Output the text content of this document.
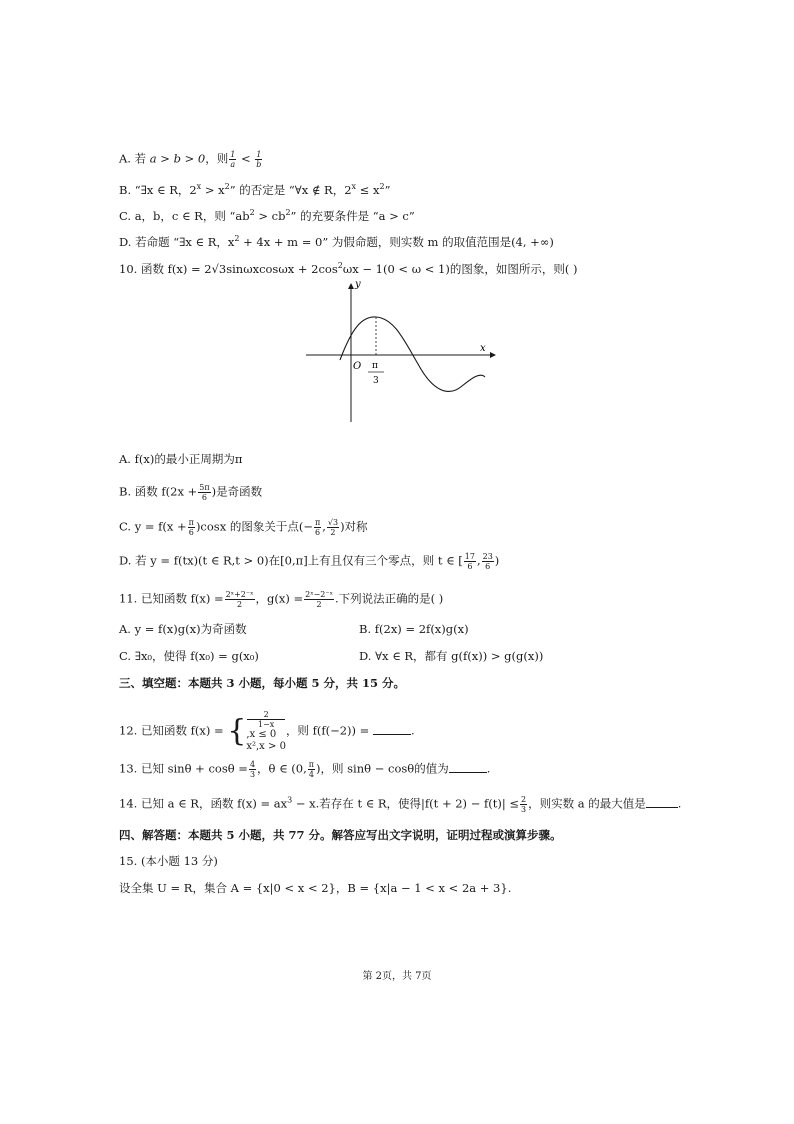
A. 若 a > b > 0，则 $\frac{1}{a} < \frac{1}{b}$
B. “∃x ∈ R，$2^x > x^2$” 的否定是 “∀x ∉ R，$2^x \le x^2$”
C. a，b，c ∈ R，则 “$ab^2 > cb^2$” 的充要条件是 “a > c”
D. 若命题 “∃x ∈ R，$x^2 + 4x + m = 0$” 为假命题，则实数 m 的取值范围是(4, +∞)
10. 函数 $f(x) = 2√3\sin\omega xcos\omega x + 2\cos^2\omega x - 1(0 < \omega < 1)$的图象，如图所示，则( )
y
x
O π
3
A. f(x)的最小正周期为π
B. 函数 $f(2x + \frac{5\pi}{6}$ )是奇函数
C. $y = f(x + \frac{\pi}{6} )\cos x$ 的图象关于点(− $\frac{\pi}{6}$ , $\frac{√3}{2}$ )对称
D. 若 y = f(tx)(t ∈ R,t > 0)在[0,π]上有且仅有三个零点，则 t ∈ [ $\frac{17}{6}$ , $\frac{23}{6}$ )
11. 已知函数 $f(x) = \frac{\text{2ˣ+2⁻ˣ}}{2}$ ，$g(x) = \frac{\text{2ˣ−2⁻ˣ}}{2}$ .下列说法正确的是( )
A. y = f(x)g(x)为奇函数	B. f(2x) = 2f(x)g(x)
C. ∃x₀，使得 f(x₀) = g(x₀)	D. ∀x ∈ R，都有 g(f(x)) > g(g(x))
三、填空题：本题共 3 小题，每小题 5 分，共 15 分。
12. 已知函数 f(x) = {	2
1−x
,x ≤ 0
x²,x > 0
，则 f(f(−2)) =	.
13. 已知 $\sin\theta + \cos\theta = \frac{4}{3}$ ，θ ∈ (0, $\frac{\pi}{4}$ )，则 sinθ − cosθ的值为	.
14. 已知 a ∈ R，函数 $f(x) = ax^3 - x$.若存在 t ∈ R，使得$|f(t + 2) - f(t)| \le \frac{2}{3}$ ，则实数 a 的最大值是	.
四、解答题：本题共 5 小题，共 77 分。解答应写出文字说明，证明过程或演算步骤。
15. (本小题 13 分)
设全集 U = R，集合 A = {x|0 < x < 2}，B = {x|a − 1 < x < 2a + 3}.
第 2页，共 7页
